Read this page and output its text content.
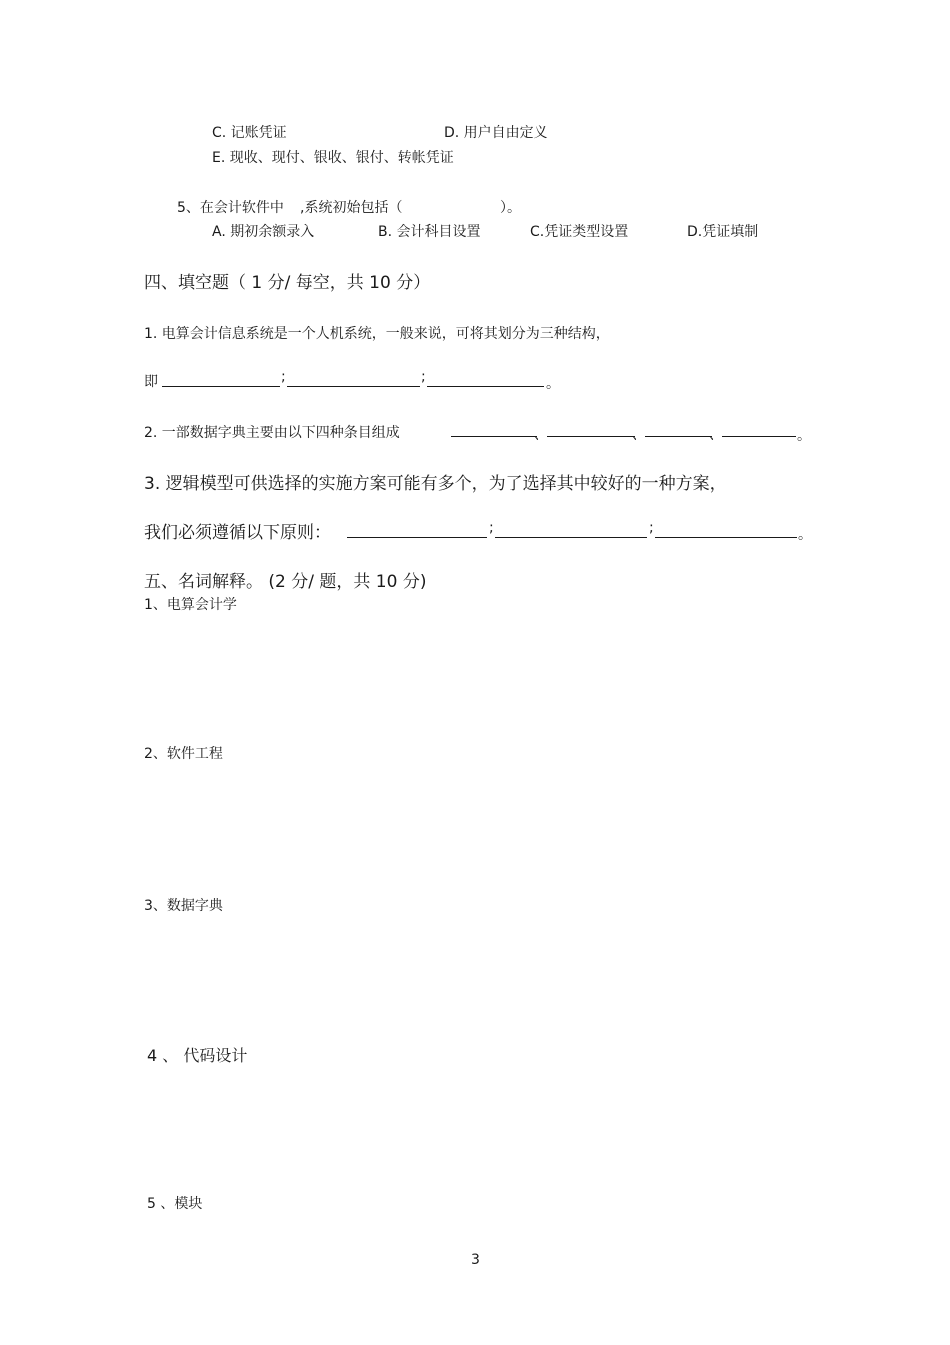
C. 记账凭证	D. 用户自由定义
E. 现收、现付、银收、银付、转帐凭证
5、在会计软件中 ,系统初始包括（	）。
A. 期初余额录入	B. 会计科目设置	C.凭证类型设置	D.凭证填制
四、填空题（ 1 分/ 每空，共 10 分）
1. 电算会计信息系统是一个人机系统，一般来说，可将其划分为三种结构，
即	;	;	。
2. 一部数据字典主要由以下四种条目组成	、	、	、	。
3. 逻辑模型可供选择的实施方案可能有多个，为了选择其中较好的一种方案，
我们必须遵循以下原则：	;	;	。
五、名词解释。 (2 分/ 题，共 10 分)
1、电算会计学
2、软件工程
3、数据字典
4 、 代码设计
5 、模块
3
